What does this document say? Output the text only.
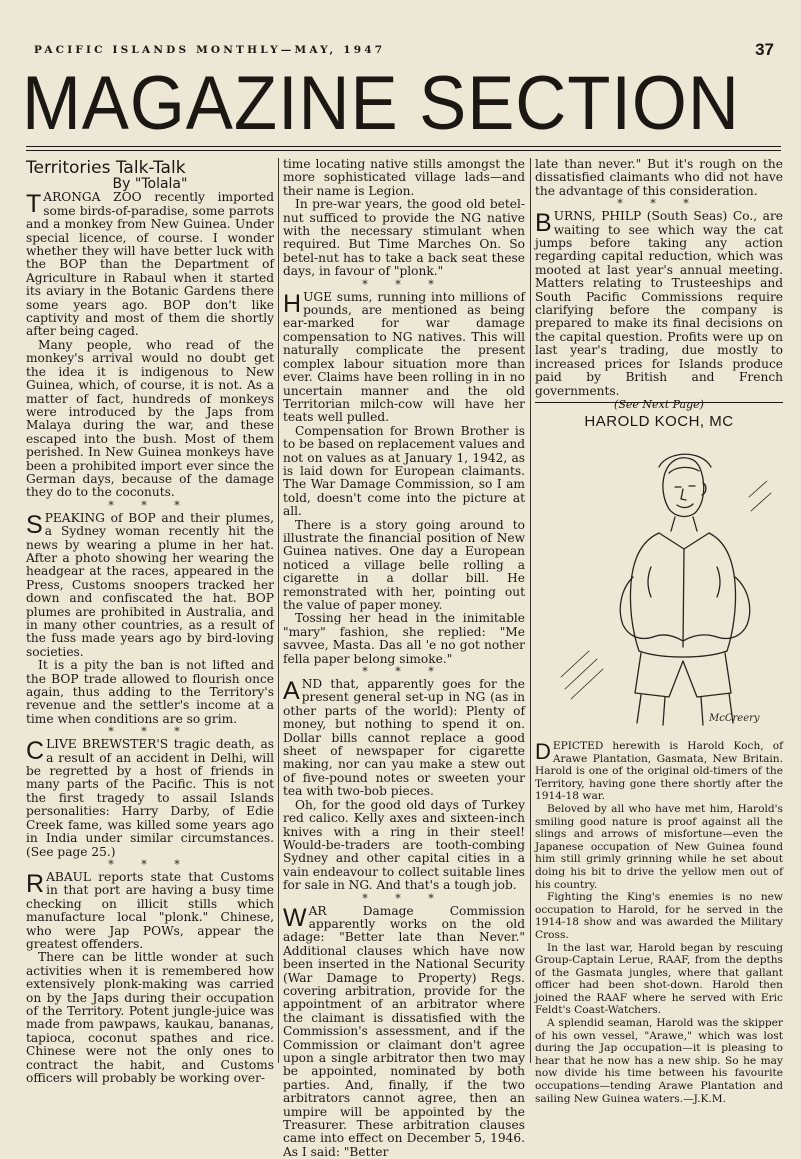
PACIFIC ISLANDS MONTHLY—MAY, 1947	37
MAGAZINE SECTION

Territories Talk-Talk

By "Tolala"

TARONGA ZOO recently imported some birds-of-paradise, some parrots and a monkey from New Guinea. Under special licence, of course. I wonder whether they will have better luck with the BOP than the Department of Agriculture in Rabaul when it started its aviary in the Botanic Gardens there some years ago. BOP don't like captivity and most of them die shortly after being caged.

Many people, who read of the monkey's arrival would no doubt get the idea it is indigenous to New Guinea, which, of course, it is not. As a matter of fact, hundreds of monkeys were introduced by the Japs from Malaya during the war, and these escaped into the bush. Most of them perished. In New Guinea monkeys have been a prohibited import ever since the German days, because of the damage they do to the coconuts.

* * *

SPEAKING of BOP and their plumes, a Sydney woman recently hit the news by wearing a plume in her hat. After a photo showing her wearing the headgear at the races, appeared in the Press, Customs snoopers tracked her down and confiscated the hat. BOP plumes are prohibited in Australia, and in many other countries, as a result of the fuss made years ago by bird-loving societies.

It is a pity the ban is not lifted and the BOP trade allowed to flourish once again, thus adding to the Territory's revenue and the settler's income at a time when conditions are so grim.

* * *

CLIVE BREWSTER'S tragic death, as a result of an accident in Delhi, will be regretted by a host of friends in many parts of the Pacific. This is not the first tragedy to assail Islands personalities: Harry Darby, of Edie Creek fame, was killed some years ago in India under similar circumstances. (See page 25.)

* * *

RABAUL reports state that Customs in that port are having a busy time checking on illicit stills which manufacture local "plonk." Chinese, who were Jap POWs, appear the greatest offenders.

There can be little wonder at such activities when it is remembered how extensively plonk-making was carried on by the Japs during their occupation of the Territory. Potent jungle-juice was made from pawpaws, kaukau, bananas, tapioca, coconut spathes and rice. Chinese were not the only ones to contract the habit, and Customs officers will probably be working over-

time locating native stills amongst the more sophisticated village lads—and their name is Legion.

In pre-war years, the good old betel-nut sufficed to provide the NG native with the necessary stimulant when required. But Time Marches On. So betel-nut has to take a back seat these days, in favour of "plonk."

* * *

HUGE sums, running into millions of pounds, are mentioned as being ear-marked for war damage compensation to NG natives. This will naturally complicate the present complex labour situation more than ever. Claims have been rolling in in no uncertain manner and the old Territorian milch-cow will have her teats well pulled.

Compensation for Brown Brother is to be based on replacement values and not on values as at January 1, 1942, as is laid down for European claimants. The War Damage Commission, so I am told, doesn't come into the picture at all.

There is a story going around to illustrate the financial position of New Guinea natives. One day a European noticed a village belle rolling a cigarette in a dollar bill. He remonstrated with her, pointing out the value of paper money.

Tossing her head in the inimitable "mary" fashion, she replied: "Me savvee, Masta. Das all 'e no got nother fella paper belong simoke."

* * *

AND that, apparently goes for the present general set-up in NG (as in other parts of the world): Plenty of money, but nothing to spend it on. Dollar bills cannot replace a good sheet of newspaper for cigarette making, nor can yau make a stew out of five-pound notes or sweeten your tea with two-bob pieces.

Oh, for the good old days of Turkey red calico. Kelly axes and sixteen-inch knives with a ring in their steel! Would-be-traders are tooth-combing Sydney and other capital cities in a vain endeavour to collect suitable lines for sale in NG. And that's a tough job.

* * *

WAR Damage Commission apparently works on the old adage: "Better late than Never." Additional clauses which have now been inserted in the National Security (War Damage to Property) Regs. covering arbitration, provide for the appointment of an arbitrator where the claimant is dissatisfied with the Commission's assessment, and if the Commission or claimant don't agree upon a single arbitrator then two may be appointed, nominated by both parties. And, finally, if the two arbitrators cannot agree, then an umpire will be appointed by the Treasurer. These arbitration clauses came into effect on December 5, 1946. As I said: "Better

late than never." But it's rough on the dissatisfied claimants who did not have the advantage of this consideration.

* * *

BURNS, PHILP (South Seas) Co., are waiting to see which way the cat jumps before taking any action regarding capital reduction, which was mooted at last year's annual meeting. Matters relating to Trusteeships and South Pacific Commissions require clarifying before the company is prepared to make its final decisions on the capital question. Profits were up on last year's trading, due mostly to increased prices for Islands produce paid by British and French governments.

(See Next Page)

HAROLD KOCH, MC
McCreery

DEPICTED herewith is Harold Koch, of Arawe Plantation, Gasmata, New Britain. Harold is one of the original old-timers of the Territory, having gone there shortly after the 1914-18 war.

Beloved by all who have met him, Harold's smiling good nature is proof against all the slings and arrows of misfortune—even the Japanese occupation of New Guinea found him still grimly grinning while he set about doing his bit to drive the yellow men out of his country.

Fighting the King's enemies is no new occupation to Harold, for he served in the 1914-18 show and was awarded the Military Cross.

In the last war, Harold began by rescuing Group-Captain Lerue, RAAF, from the depths of the Gasmata jungles, where that gallant officer had been shot-down. Harold then joined the RAAF where he served with Eric Feldt's Coast-Watchers.

A splendid seaman, Harold was the skipper of his own vessel, "Arawe," which was lost during the Jap occupation—it is pleasing to hear that he now has a new ship. So he may now divide his time between his favourite occupations—tending Arawe Plantation and sailing New Guinea waters.—J.K.M.
